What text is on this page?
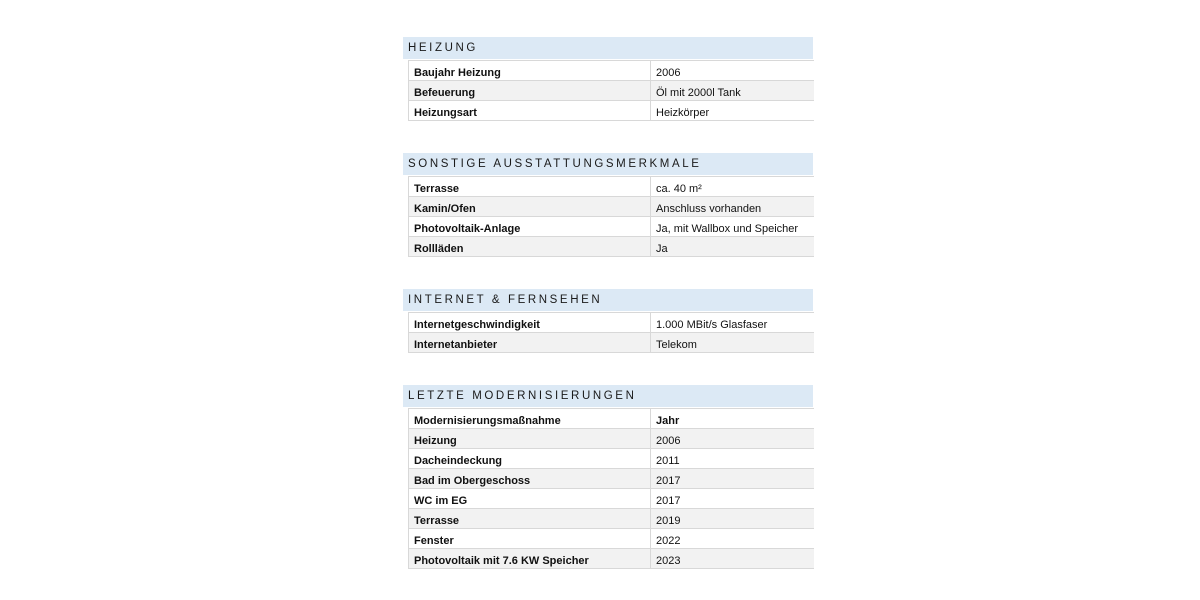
HEIZUNG
Baujahr Heizung	2006
Befeuerung	Öl mit 2000l Tank
Heizungsart	Heizkörper
SONSTIGE AUSSTATTUNGSMERKMALE
Terrasse	ca. 40 m²
Kamin/Ofen	Anschluss vorhanden
Photovoltaik-Anlage	Ja, mit Wallbox und Speicher
Rollläden	Ja
INTERNET & FERNSEHEN
Internetgeschwindigkeit	1.000 MBit/s Glasfaser
Internetanbieter	Telekom
LETZTE MODERNISIERUNGEN
Modernisierungsmaßnahme	Jahr
Heizung	2006
Dacheindeckung	2011
Bad im Obergeschoss	2017
WC im EG	2017
Terrasse	2019
Fenster	2022
Photovoltaik mit 7.6 KW Speicher	2023
